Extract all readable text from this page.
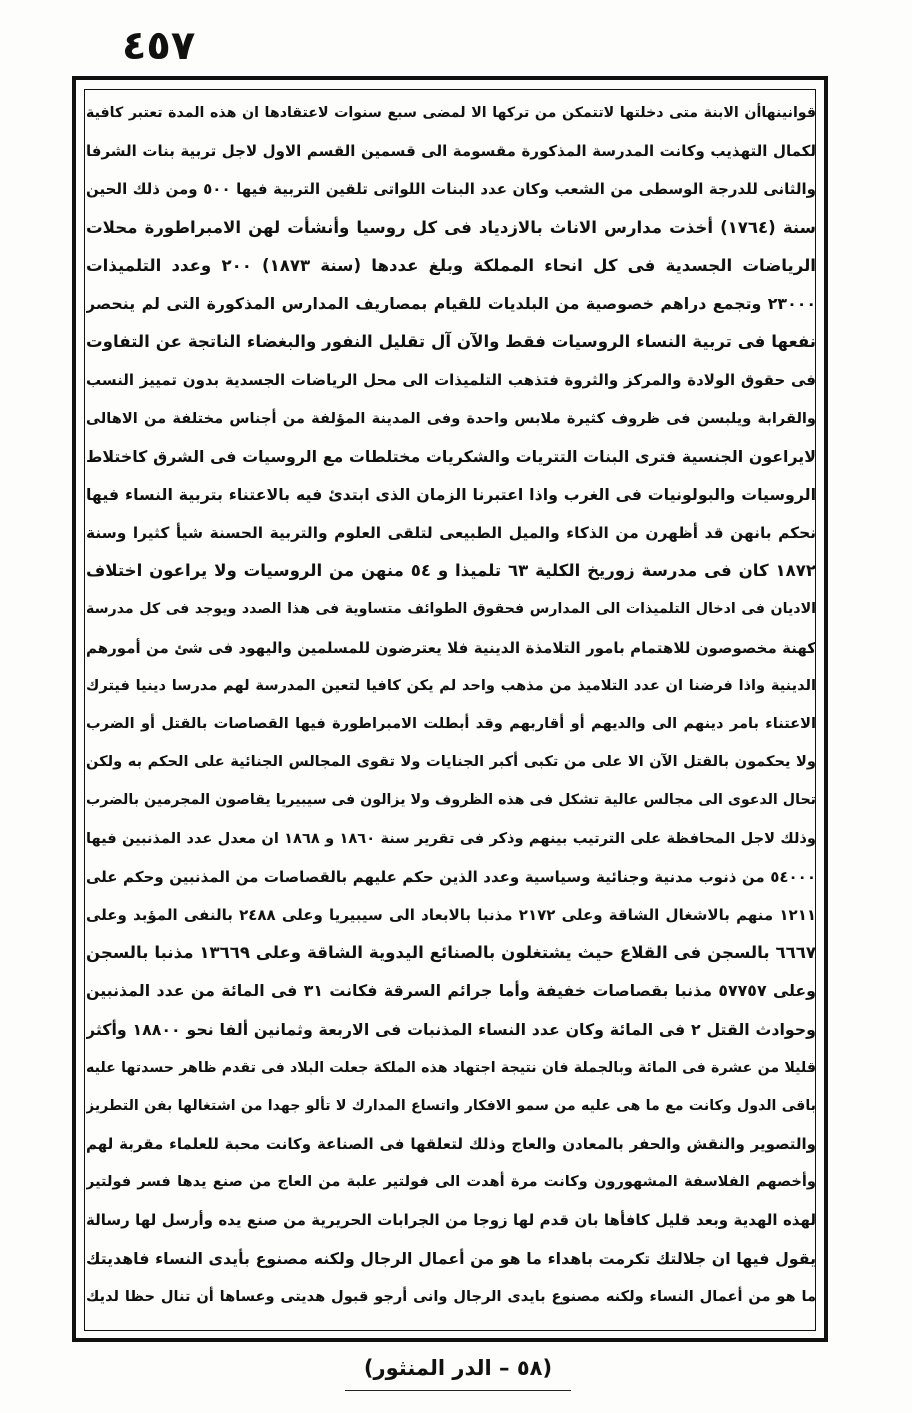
٤٥٧
قوانينهاأن الابنة متى دخلتها لاتتمكن من تركها الا لمضى سبع سنوات لاعتقادها ان هذه المدة تعتبر كافية
لكمال التهذيب وكانت المدرسة المذكورة مقسومة الى قسمين القسم الاول لاجل تربية بنات الشرفا
والثانى للدرجة الوسطى من الشعب وكان عدد البنات اللواتى تلقين التربية فيها ٥٠٠ ومن ذلك الحين
سنة (١٧٦٤) أخذت مدارس الاناث بالازدياد فى كل روسيا وأنشأت لهن الامبراطورة محلات
الرياضات الجسدية فى كل انحاء المملكة وبلغ عددها (سنة ١٨٧٣) ٢٠٠ وعدد التلميذات
٢٣٠٠٠ وتجمع دراهم خصوصية من البلديات للقيام بمصاريف المدارس المذكورة التى لم ينحصر
نفعها فى تربية النساء الروسيات فقط والآن آل تقليل النفور والبغضاء الناتجة عن التفاوت
فى حقوق الولادة والمركز والثروة فتذهب التلميذات الى محل الرياضات الجسدية بدون تمييز النسب
والقرابة ويلبسن فى ظروف كثيرة ملابس واحدة وفى المدينة المؤلفة من أجناس مختلفة من الاهالى
لايراعون الجنسية فترى البنات التتريات والشكريات مختلطات مع الروسيات فى الشرق كاختلاط
الروسيات والبولونيات فى الغرب واذا اعتبرنا الزمان الذى ابتدئ فيه بالاعتناء بتربية النساء فيها
نحكم بانهن قد أظهرن من الذكاء والميل الطبيعى لتلقى العلوم والتربية الحسنة شيأ كثيرا وسنة
١٨٧٢ كان فى مدرسة زوريخ الكلية ٦٣ تلميذا و ٥٤ منهن من الروسيات ولا يراعون اختلاف
الاديان فى ادخال التلميذات الى المدارس فحقوق الطوائف متساوية فى هذا الصدد ويوجد فى كل مدرسة
كهنة مخصوصون للاهتمام بامور التلامذة الدينية فلا يعترضون للمسلمين واليهود فى شئ من أمورهم
الدينية واذا فرضنا ان عدد التلاميذ من مذهب واحد لم يكن كافيا لتعين المدرسة لهم مدرسا دينيا فيترك
الاعتناء بامر دينهم الى والديهم أو أقاربهم وقد أبطلت الامبراطورة فيها القصاصات بالقتل أو الضرب
ولا يحكمون بالقتل الآن الا على من تكبى أكبر الجنايات ولا تقوى المجالس الجنائية على الحكم به ولكن
تحال الدعوى الى مجالس عالية تشكل فى هذه الظروف ولا يزالون فى سيبيريا يقاصون المجرمين بالضرب
وذلك لاجل المحافظة على الترتيب بينهم وذكر فى تقرير سنة ١٨٦٠ و ١٨٦٨ ان معدل عدد المذنبين فيها
٥٤٠٠٠ من ذنوب مدنية وجنائية وسياسية وعدد الذين حكم عليهم بالقصاصات من المذنبين وحكم على
١٢١١ منهم بالاشغال الشاقة وعلى ٢١٧٢ مذنبا بالابعاد الى سيبيريا وعلى ٢٤٨٨ بالنفى المؤبد وعلى
٦٦٦٧ بالسجن فى القلاع حيث يشتغلون بالصنائع اليدوية الشاقة وعلى ١٣٦٦٩ مذنبا بالسجن
وعلى ٥٧٧٥٧ مذنبا بقصاصات خفيفة وأما جرائم السرقة فكانت ٣١ فى المائة من عدد المذنبين
وحوادث القتل ٢ فى المائة وكان عدد النساء المذنبات فى الاربعة وثمانين ألفا نحو ١٨٨٠٠ وأكثر
قليلا من عشرة فى المائة وبالجملة فان نتيجة اجتهاد هذه الملكة جعلت البلاد فى تقدم ظاهر حسدتها عليه
باقى الدول وكانت مع ما هى عليه من سمو الافكار واتساع المدارك لا تألو جهدا من اشتغالها بفن التطريز
والتصوير والنقش والحفر بالمعادن والعاج وذلك لتعلقها فى الصناعة وكانت محبة للعلماء مقربة لهم
وأخصهم الفلاسفة المشهورون وكانت مرة أهدت الى فولتير علبة من العاج من صنع يدها فسر فولتير
لهذه الهدية وبعد قليل كافأها بان قدم لها زوجا من الجرابات الحريرية من صنع يده وأرسل لها رسالة
يقول فيها ان جلالتك تكرمت باهداء ما هو من أعمال الرجال ولكنه مصنوع بأيدى النساء فاهديتك
ما هو من أعمال النساء ولكنه مصنوع بايدى الرجال وانى أرجو قبول هديتى وعساها أن تنال حظا لديك
(٥٨ – الدر المنثور)
